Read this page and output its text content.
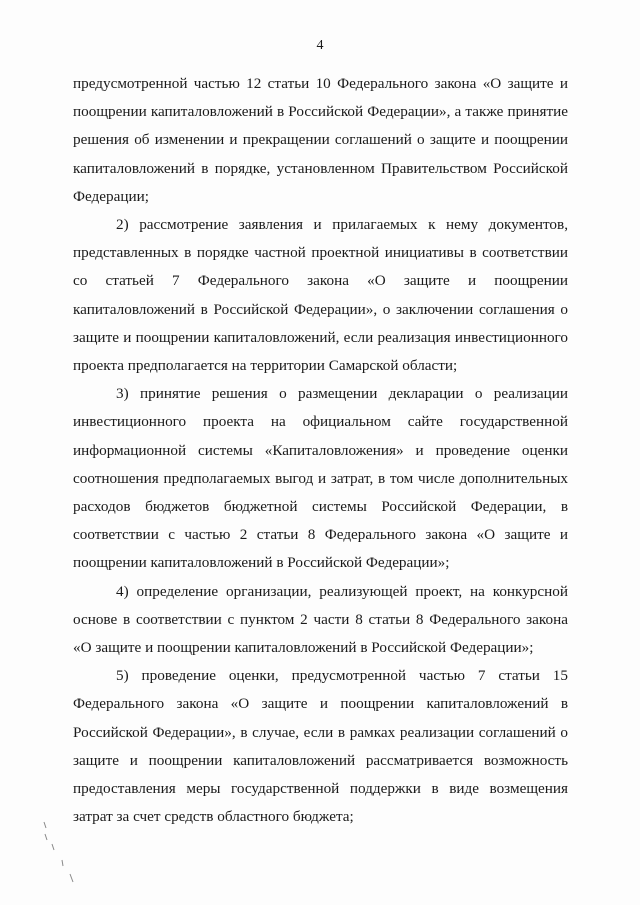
4

предусмотренной частью 12 статьи 10 Федерального закона «О защите и поощрении капиталовложений в Российской Федерации», а также принятие решения об изменении и прекращении соглашений о защите и поощрении капиталовложений в порядке, установленном Правительством Российской Федерации;

2) рассмотрение заявления и прилагаемых к нему документов, представленных в порядке частной проектной инициативы в соответствии со статьей 7 Федерального закона «О защите и поощрении капиталовложений в Российской Федерации», о заключении соглашения о защите и поощрении капиталовложений, если реализация инвестиционного проекта предполагается на территории Самарской области;

3) принятие решения о размещении декларации о реализации инвестиционного проекта на официальном сайте государственной информационной системы «Капиталовложения» и проведение оценки соотношения предполагаемых выгод и затрат, в том числе дополнительных расходов бюджетов бюджетной системы Российской Федерации, в соответствии с частью 2 статьи 8 Федерального закона «О защите и поощрении капиталовложений в Российской Федерации»;

4) определение организации, реализующей проект, на конкурсной основе в соответствии с пунктом 2 части 8 статьи 8 Федерального закона «О защите и поощрении капиталовложений в Российской Федерации»;

5) проведение оценки, предусмотренной частью 7 статьи 15 Федерального закона «О защите и поощрении капиталовложений в Российской Федерации», в случае, если в рамках реализации соглашений о защите и поощрении капиталовложений рассматривается возможность предоставления меры государственной поддержки в виде возмещения затрат за счет средств областного бюджета;
